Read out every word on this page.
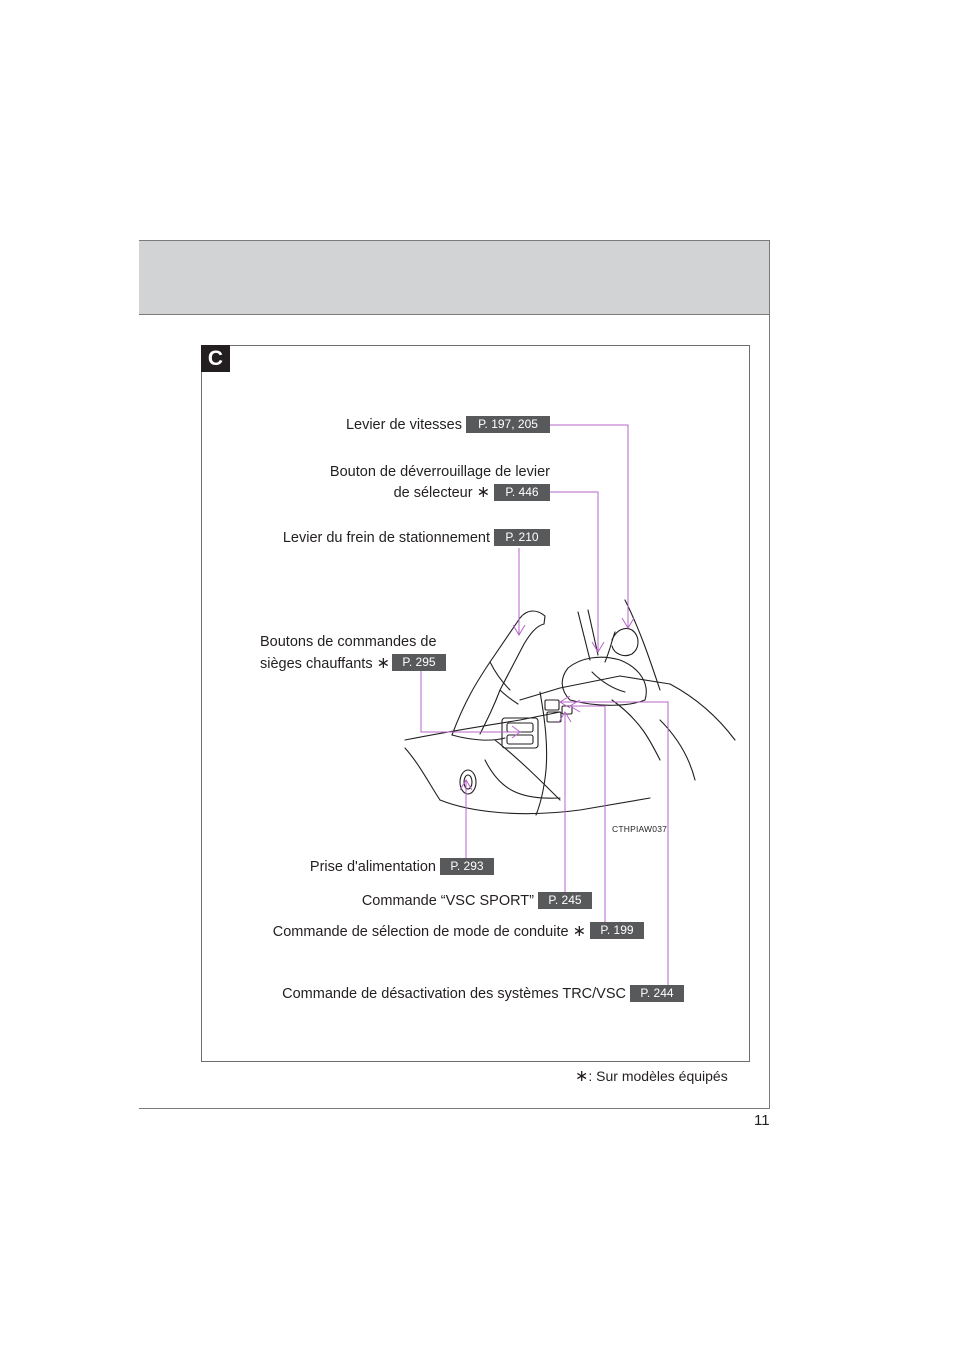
C
Levier de vitesses	P. 197, 205
Bouton de déverrouillage de levier
de sélecteur ∗	P. 446
Levier du frein de stationnement	P. 210
Boutons de commandes de
sièges chauffants ∗	P. 295
CTHPIAW037
Prise d'alimentation	P. 293
Commande “VSC SPORT”	P. 245
Commande de sélection de mode de conduite ∗	P. 199
Commande de désactivation des systèmes TRC/VSC	P. 244
∗: Sur modèles équipés
11
